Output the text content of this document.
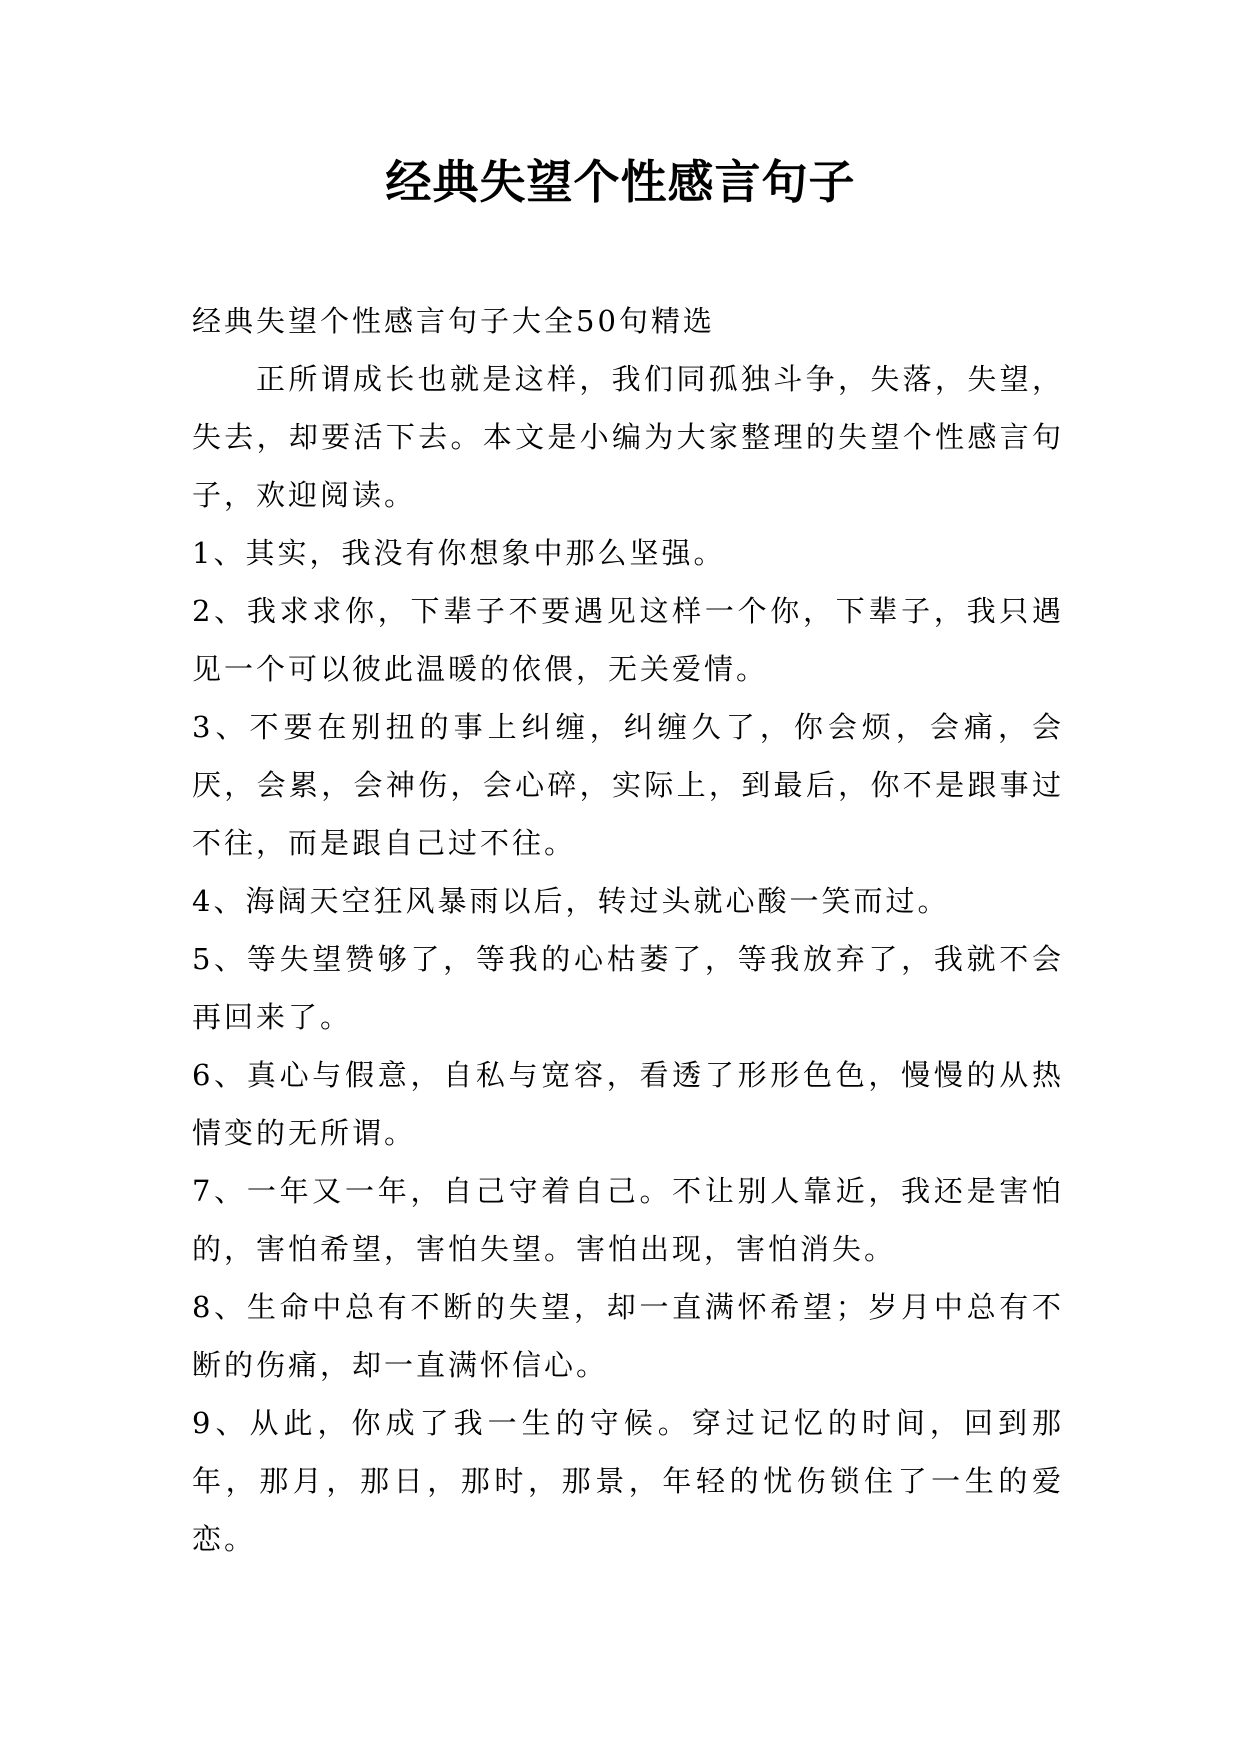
经典失望个性感言句子

经典失望个性感言句子大全50句精选

正所谓成长也就是这样，我们同孤独斗争，失落，失望，失去，却要活下去。本文是小编为大家整理的失望个性感言句子，欢迎阅读。

1、其实，我没有你想象中那么坚强。

2、我求求你，下辈子不要遇见这样一个你，下辈子，我只遇见一个可以彼此温暖的依偎，无关爱情。

3、不要在别扭的事上纠缠，纠缠久了，你会烦，会痛，会厌，会累，会神伤，会心碎，实际上，到最后，你不是跟事过不往，而是跟自己过不往。

4、海阔天空狂风暴雨以后，转过头就心酸一笑而过。

5、等失望赞够了，等我的心枯萎了，等我放弃了，我就不会再回来了。

6、真心与假意，自私与宽容，看透了形形色色，慢慢的从热情变的无所谓。

7、一年又一年，自己守着自己。不让别人靠近，我还是害怕的，害怕希望，害怕失望。害怕出现，害怕消失。

8、生命中总有不断的失望，却一直满怀希望；岁月中总有不断的伤痛，却一直满怀信心。

9、从此，你成了我一生的守候。穿过记忆的时间，回到那年，那月，那日，那时，那景，年轻的忧伤锁住了一生的爱恋。
